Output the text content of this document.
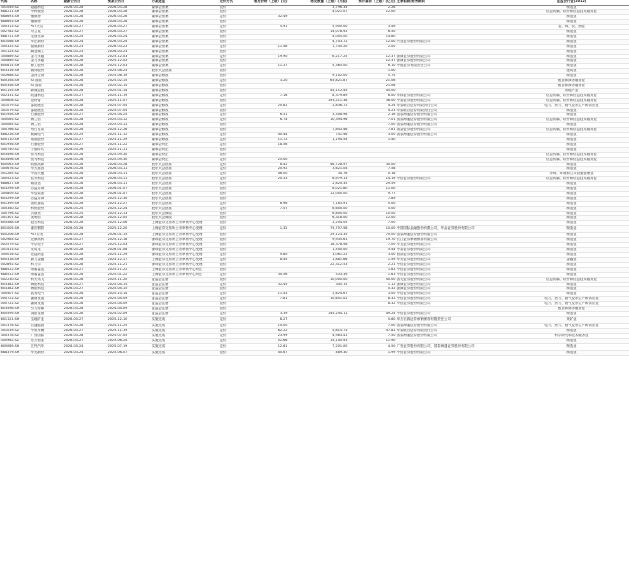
代码	名称	最新公告日	预案公告日	方案进度	定价方式	增发价格（上限）(元)	增发数量（上限）(万股)	预计募资（上限）(亿元)	主承销商/财务顾问	证监会行业(2012)
301049.SZ	超越科技	2026-03-28	2026-03-28	董事会预案	竞价		3,796.34	2.26		制造业
688211.SH	中科微至	2026-03-28	2026-03-28	董事会预案	竞价		4,021.07	12.00		信息传输、软件和信息技术服务业
688693.SH	锴威特	2026-03-28	2026-03-28	董事会预案	定价	32.49				制造业
688693.SH	锴威特	2026-03-28	2026-03-28	董事会预案	竞价					制造业
300313.SZ	*ST天山	2026-03-27	2026-03-27	董事会预案	定价	5.91	5,900.00	3.49		农、林、牧、渔业
002782.SZ	可立克	2026-03-27	2026-03-27	董事会预案	竞价		14,078.92	6.50		制造业
688721.SH	龙图光罩	2026-03-24	2026-03-24	董事会预案	竞价		4,005.00	14.60		制造业
601086.SH	华正新材	2026-03-24	2026-03-24	董事会预案	竞价		4,703.72	12.00	兴业证券股份有限公司	制造业
300325.SZ	德威新材	2026-03-23	2026-03-23	董事会预案	定价	11.46	1,745.20	2.00		制造业
301125.SZ	腾亚精工	2026-03-23	2026-03-23	董事会预案	竞价					制造业
300889.SZ	金力永磁	2026-03-28	2025-12-03	董事会预案	定价	19.90	6,217.25	12.37	浙商证券股份有限公司	制造业
300889.SZ	金力永磁	2026-03-28	2025-12-03	董事会预案	竞价			12.37	浙商证券股份有限公司	制造业
600815.SH	厦工股份	2026-03-28	2025-12-03	董事会预案	定价	11.37	5,365.00	6.10	中德证券有限责任公司	制造业
603316.SH	诚邦股份	2026-03-28	2025-08-23	股东大会批准	竞价			1.00		建筑业
002688.SZ	金河生物	2026-03-28	2025-06-19	董事会修改	竞价		9,102.00	5.75		制造业
600358.SH	ST国旅	2026-03-28	2025-02-15	董事会修改	定价	3.20	65,821.87	21.06		租赁和商务服务业
600358.SH	ST国旅	2026-03-28	2025-02-15	董事会修改	竞价			21.06		租赁和商务服务业
601155.SH	新城控股	2026-03-28	2025-01-14	董事会修改	竞价		45,112.45	45.00		房地产业
002331.SZ	皖通科技	2026-03-27	2025-11-19	董事会修改	定价	7.16	8,379.89	6.00	华林证券股份有限公司	信息传输、软件和信息技术服务业
300608.SZ	思特奇	2026-03-28	2025-11-07	董事会修改	竞价		193,211.38	36.00	中泰证券股份有限公司	信息传输、软件和信息技术服务业
301079.SZ	邵阳液压	2026-03-28	2025-07-05	董事会修改	定价	20.82	2,836.72	4.24	华泰联合证券有限责任公司	电力、热力、燃气及水生产和供应业
301079.SZ	邵阳液压	2026-03-28	2025-07-05	董事会修改	竞价			4.23	华泰联合证券有限责任公司	制造业
601956.SH	石墨股份	2026-03-27	2025-04-25	董事会修改	定价	6.51	3,308.98	2.16	国泰海通证券股份有限公司	制造业
300065.SZ	海兰信	2026-03-28	2025-03-12	董事会修改	定价	6.74	10,394.96	7.01	国泰海通证券股份有限公司	信息传输、软件和信息技术服务业
300065.SZ	海兰信	2026-03-28	2025-03-12	董事会修改	竞价			7.00	国泰海通证券股份有限公司	制造业
300766.SZ	每日互动	2026-03-28	2024-12-26	董事会修改	竞价		7,843.46	7.81	国金证券股份有限公司	信息传输、软件和信息技术服务业
688226.SH	威腾电气	2026-03-25	2025-11-12	董事会修改	定价	40.44	741.46	3.00	国泰海通证券股份有限公司	制造业
600110.SH	诺德股份	2026-03-27	2025-11-29	董事会修改	定价	11.72	1,194.54	1.40		制造业
601956.SH	石墨股份	2026-03-27	2025-11-22	董事会终止	定价	18.56				制造业
300750.SZ	宁德时代	2026-03-26	2025-11-11	董事会终止	竞价					制造业
603496.SH	恒为科技	2026-03-28	2025-09-30	董事会终止	竞价					信息传输、软件和信息技术服务业
603496.SH	恒为科技	2026-03-28	2025-09-30	董事会终止	定价	25.00				信息传输、软件和信息技术服务业
600063.SH	皖维高新	2026-03-28	2026-03-28	股东大会批准	定价	6.42	46,728.97	30.00		制造业
300676.SZ	华大基因	2026-03-28	2026-03-11	股东大会批准	定价	20.92	3,621.04	7.58		制造业
001285.SZ	中国天楹	2026-03-28	2026-03-11	股东大会批准	定价	46.00	34.78	0.16		水利、环境和公共设施管理业
300523.SZ	辰安科技	2026-03-28	2026-03-11	股东大会批准	定价	20.33	6,979.13	14.19	中信证券股份有限公司	信息传输、软件和信息技术服务业
688627.SH	精智达	2026-03-28	2026-03-11	股东大会批准	竞价		2,820.35	29.59		制造业
603299.SH	苏盐井神	2026-03-28	2026-01-07	股东大会批准	竞价		8,021.60	11.00		制造业
300809.SZ	华辰装备	2026-03-28	2026-01-07	股东大会批准	竞价		12,000.00	9.77		制造业
603299.SH	苏盐井神	2026-03-28	2025-12-30	股东大会批准	竞价			7.89		制造业
601399.SH	国机重装	2026-03-28	2025-12-27	股东大会批准	定价	6.96	7,183.91	5.00		制造业
300340.SZ	科恒股份	2026-03-24	2025-12-24	股东大会批准	定价	7.57	6,600.00	5.00		制造业
300796.SZ	贝斯美	2026-03-25	2025-12-13	股东大会修改	竞价		6,800.00	10.00		制造业
301307.SZ	美利信	2026-03-28	2025-12-05	股东大会修改	竞价		6,318.00	12.00		制造业
605588.SH	冠石科技	2026-03-28	2025-12-06	上海证券交易所上市审核中心受理	竞价		2,204.05	7.00		制造业
601005.SH	重庆钢铁	2026-03-26	2025-12-20	上海证券交易所上市审核中心受理	定价	1.32	75,757.58	10.00	中国国际金融股份有限公司，华金证券股份有限公司	制造业
600206.SH	*ST宏发	2026-03-28	2026-01-15	上海证券交易所上市审核中心受理	竞价		29,123.35	70.00	国泰海通证券股份有限公司	制造业
002985.SZ	北摩高科	2026-03-27	2025-12-18	深圳证券交易所上市审核中心受理	竞价		9,935.61	19.70	长江证券承销保荐有限公司	制造业
002579.SZ	中京电子	2026-03-27	2025-12-03	深圳证券交易所上市审核中心受理	竞价		18,378.56	7.00	华龙证券股份有限公司	制造业
301413.SZ	安培龙	2026-03-28	2026-01-08	深圳证券交易所上市审核中心受理	竞价		1,500.00	5.44	中泰证券股份有限公司	制造业
300016.SZ	北陆药业	2026-03-28	2025-11-29	深圳证券交易所上市审核中心受理	定价	9.80	3,061.22	3.00	西部证券股份有限公司	制造业
600318.SH	新力金融	2026-03-28	2025-12-17	上海证券交易所上市审核中心受理	定价	8.45	1,881.66	1.59	华安证券股份有限公司	金融业
002892.SZ	科力尔	2026-03-28	2025-11-21	深圳证券交易所上市审核中心受理	竞价		22,312.53	2.21	中信证券股份有限公司	制造业
688522.SH	纳睿雷达	2026-03-27	2025-11-22	上海证券交易所上市审核中心终止	竞价			1.63	中信证券股份有限公司	制造业
688522.SH	纳睿雷达	2026-03-28	2025-01-22	上海证券交易所上市审核中心终止	定价	30.56	533.39	1.63	中信证券股份有限公司	制造业
002230.SZ	科大讯飞	2026-03-28	2025-11-20	证监会注册	竞价		10,000.00	40.00	国元证券股份有限公司	信息传输、软件和信息技术服务业
603382.SH	海阳科技	2026-03-27	2025-04-15	证监会注册	定价	32.45	345.15	1.12	浙商证券股份有限公司	制造业
603382.SH	海阳科技	2026-03-27	2025-04-15	证监会注册	竞价			0.32	浙商证券股份有限公司	制造业
300407.SZ	凯发电气	2026-03-28	2025-10-14	证监会注册	定价	11.43	2,624.67	3.00	中信证券股份有限公司	制造业
000722.SZ	湖南发展	2026-03-28	2025-04-09	证监会注册	定价	7.81	10,651.02	8.32	中信证券股份有限公司	电力、热力、燃气及水生产和供应业
000722.SZ	湖南发展	2026-03-28	2025-04-09	证监会注册	竞价			8.32	中信证券股份有限公司	电力、热力、燃气及水生产和供应业
603598.SH	引力传媒	2026-03-28	2024-04-09	证监会注册	竞价					租赁和商务服务业
600599.SH	浏阳花炮	2026-03-28	2024-02-09	证监会注册	定价	3.39	145,244.11	49.24	中信证券股份有限公司	制造业
601121.SH	宝地矿业	2026-03-27	2025-12-10	实施完成	定价	8.27		5.60	申万宏源证券承销保荐有限责任公司	采矿业
001376.SZ	百通能源	2026-03-28	2025-11-25	实施完成	定价	14.00		7.00	国泰海通证券股份有限公司	电力、热力、燃气及水生产和供应业
301039.SZ	中集车辆	2026-03-27	2025-11-19	实施完成	定价	82.22	5,815.73	47.82	华泰联合证券有限责任公司	制造业
300378.SZ	广咨国际	2026-03-28	2025-07-05	实施完成	定价	23.99	4,983.41	7.50	国泰海通证券股份有限公司	科学研究和技术服务业
000962.SZ	东方钽业	2026-03-27	2025-06-24	实施完成	定价	52.66	15,145.93	11.90		制造业
600089.SH	江铃汽车	2026-03-24	2025-07-19	实施完成	定价	12.61	7,201.00	4.50	广发证券股份有限公司，国泰海通证券股份有限公司	制造业
688379.SH	华光新材	2026-03-24	2025-06-07	实施完成	竞价	40.67	489.30	1.99	中信证券股份有限公司	制造业
